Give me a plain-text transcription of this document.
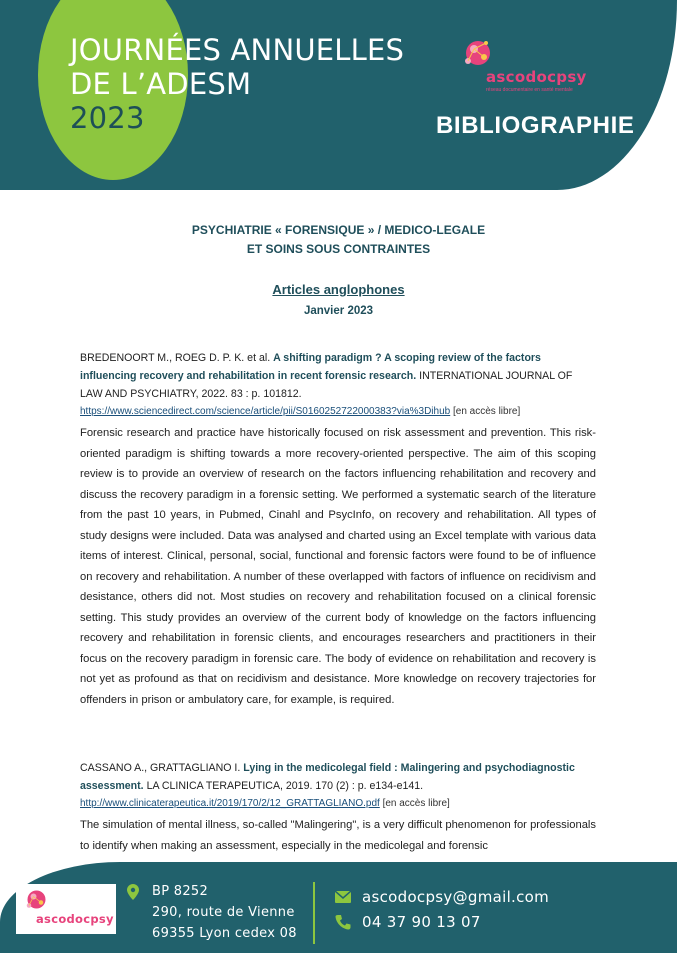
JOURNÉES ANNUELLES
DE L’ADESM
2023
ascodocpsy
réseau documentaire en santé mentale
BIBLIOGRAPHIE
PSYCHIATRIE « FORENSIQUE » / MEDICO-LEGALE
ET SOINS SOUS CONTRAINTES
Articles anglophones
Janvier 2023
BREDENOORT M., ROEG D. P. K. et al. A shifting paradigm ? A scoping review of the factors influencing recovery and rehabilitation in recent forensic research. INTERNATIONAL JOURNAL OF LAW AND PSYCHIATRY, 2022. 83 : p. 101812.
https://www.sciencedirect.com/science/article/pii/S0160252722000383?via%3Dihub [en accès libre]
Forensic research and practice have historically focused on risk assessment and prevention. This risk-oriented paradigm is shifting towards a more recovery-oriented perspective. The aim of this scoping review is to provide an overview of research on the factors influencing rehabilitation and recovery and discuss the recovery paradigm in a forensic setting. We performed a systematic search of the literature from the past 10 years, in Pubmed, Cinahl and PsycInfo, on recovery and rehabilitation. All types of study designs were included. Data was analysed and charted using an Excel template with various data items of interest. Clinical, personal, social, functional and forensic factors were found to be of influence on recovery and rehabilitation. A number of these overlapped with factors of influence on recidivism and desistance, others did not. Most studies on recovery and rehabilitation focused on a clinical forensic setting. This study provides an overview of the current body of knowledge on the factors influencing recovery and rehabilitation in forensic clients, and encourages researchers and practitioners in their focus on the recovery paradigm in forensic care. The body of evidence on rehabilitation and recovery is not yet as profound as that on recidivism and desistance. More knowledge on recovery trajectories for offenders in prison or ambulatory care, for example, is required.
CASSANO A., GRATTAGLIANO I. Lying in the medicolegal field : Malingering and psychodiagnostic assessment. LA CLINICA TERAPEUTICA, 2019. 170 (2) : p. e134-e141.
http://www.clinicaterapeutica.it/2019/170/2/12_GRATTAGLIANO.pdf [en accès libre]
The simulation of mental illness, so-called "Malingering", is a very difficult phenomenon for professionals to identify when making an assessment, especially in the medicolegal and forensic
ascodocpsy
BP 8252
290, route de Vienne
69355 Lyon cedex 08
ascodocpsy@gmail.com
04 37 90 13 07
